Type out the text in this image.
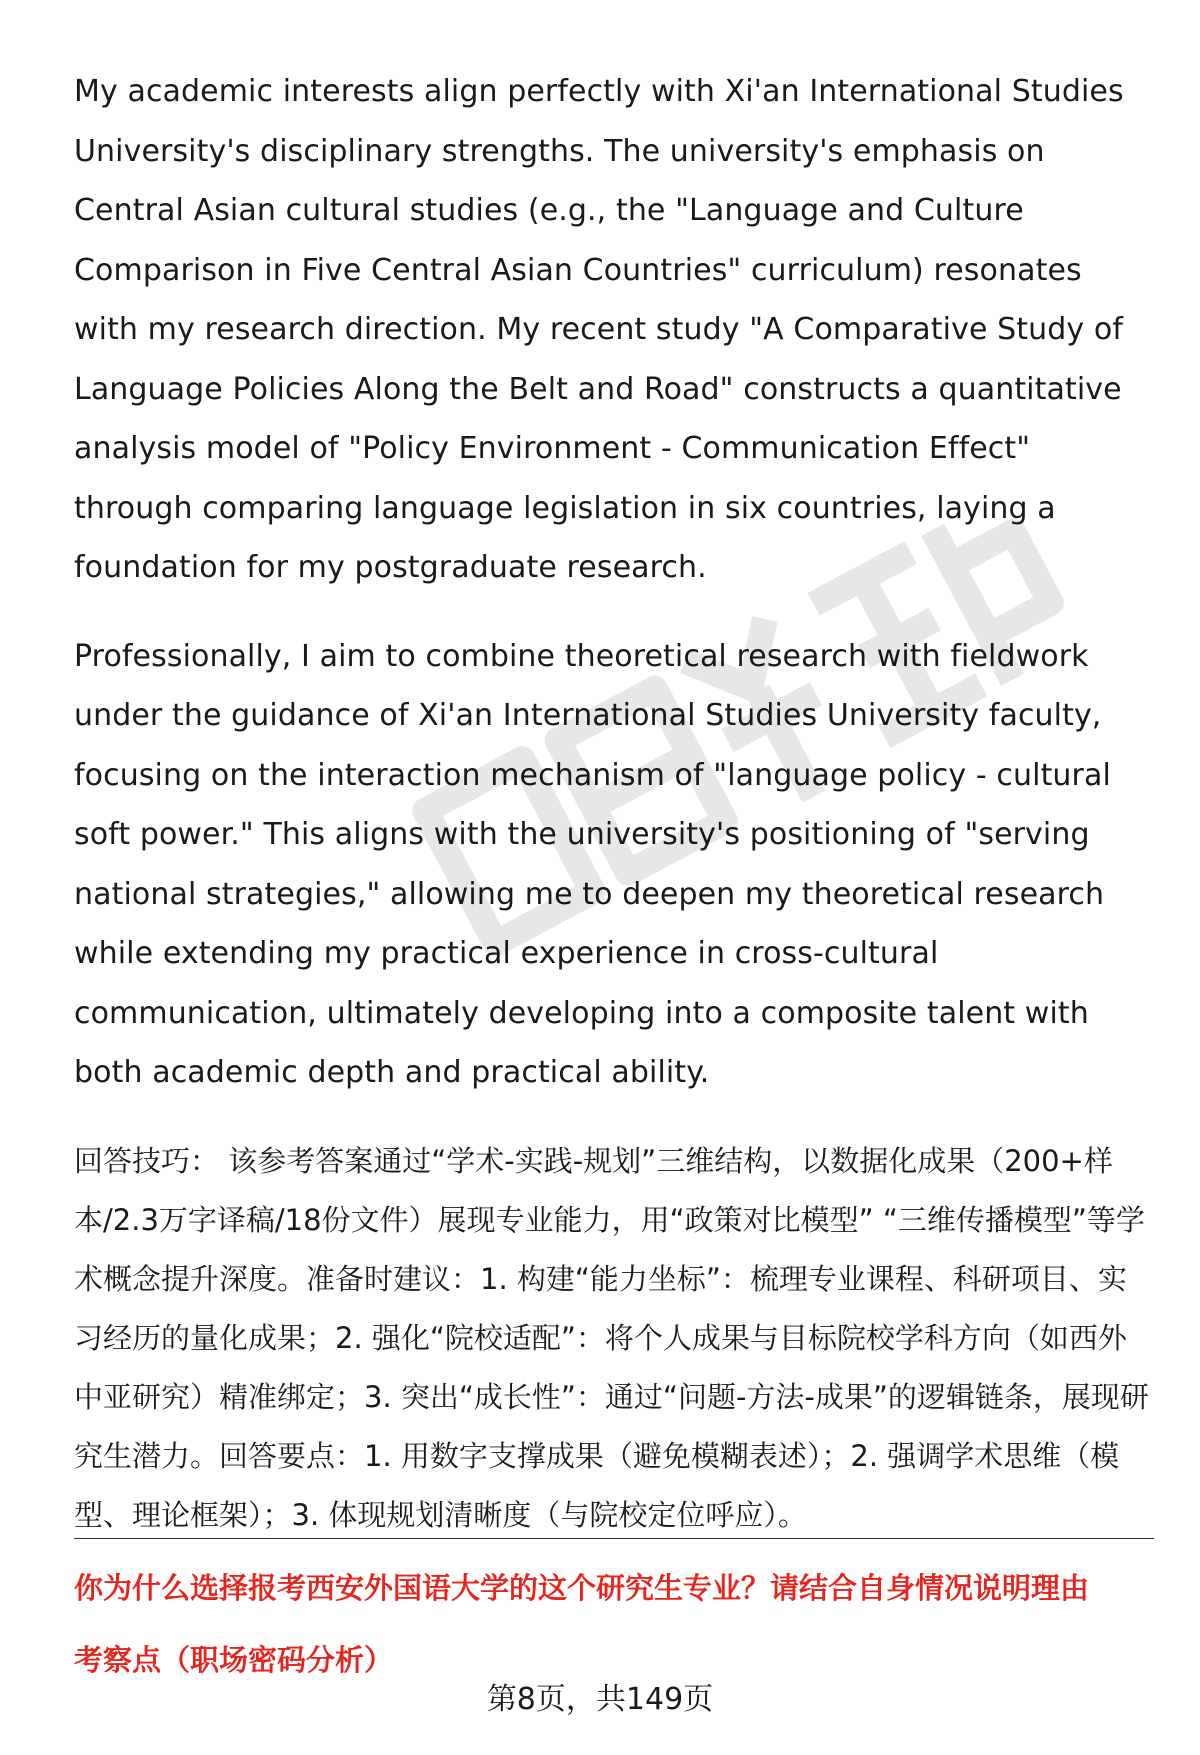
My academic interests align perfectly with Xi'an International Studies University's disciplinary strengths. The university's emphasis on Central Asian cultural studies (e.g., the "Language and Culture Comparison in Five Central Asian Countries" curriculum) resonates with my research direction. My recent study "A Comparative Study of Language Policies Along the Belt and Road" constructs a quantitative analysis model of "Policy Environment - Communication Effect" through comparing language legislation in six countries, laying a foundation for my postgraduate research.

Professionally, I aim to combine theoretical research with fieldwork under the guidance of Xi'an International Studies University faculty, focusing on the interaction mechanism of "language policy - cultural soft power." This aligns with the university's positioning of "serving national strategies," allowing me to deepen my theoretical research while extending my practical experience in cross-cultural communication, ultimately developing into a composite talent with both academic depth and practical ability.

回答技巧： 该参考答案通过“学术-实践-规划”三维结构，以数据化成果（200+样本/2.3万字译稿/18份文件）展现专业能力，用“政策对比模型” “三维传播模型”等学术概念提升深度。准备时建议：1. 构建“能力坐标”：梳理专业课程、科研项目、实习经历的量化成果；2. 强化“院校适配”：将个人成果与目标院校学科方向（如西外中亚研究）精准绑定；3. 突出“成长性”：通过“问题-方法-成果”的逻辑链条，展现研究生潜力。回答要点：1. 用数字支撑成果（避免模糊表述）；2. 强调学术思维（模型、理论框架）；3. 体现规划清晰度（与院校定位呼应）。

你为什么选择报考西安外国语大学的这个研究生专业？请结合自身情况说明理由

考察点（职场密码分析）

第8页，共149页
